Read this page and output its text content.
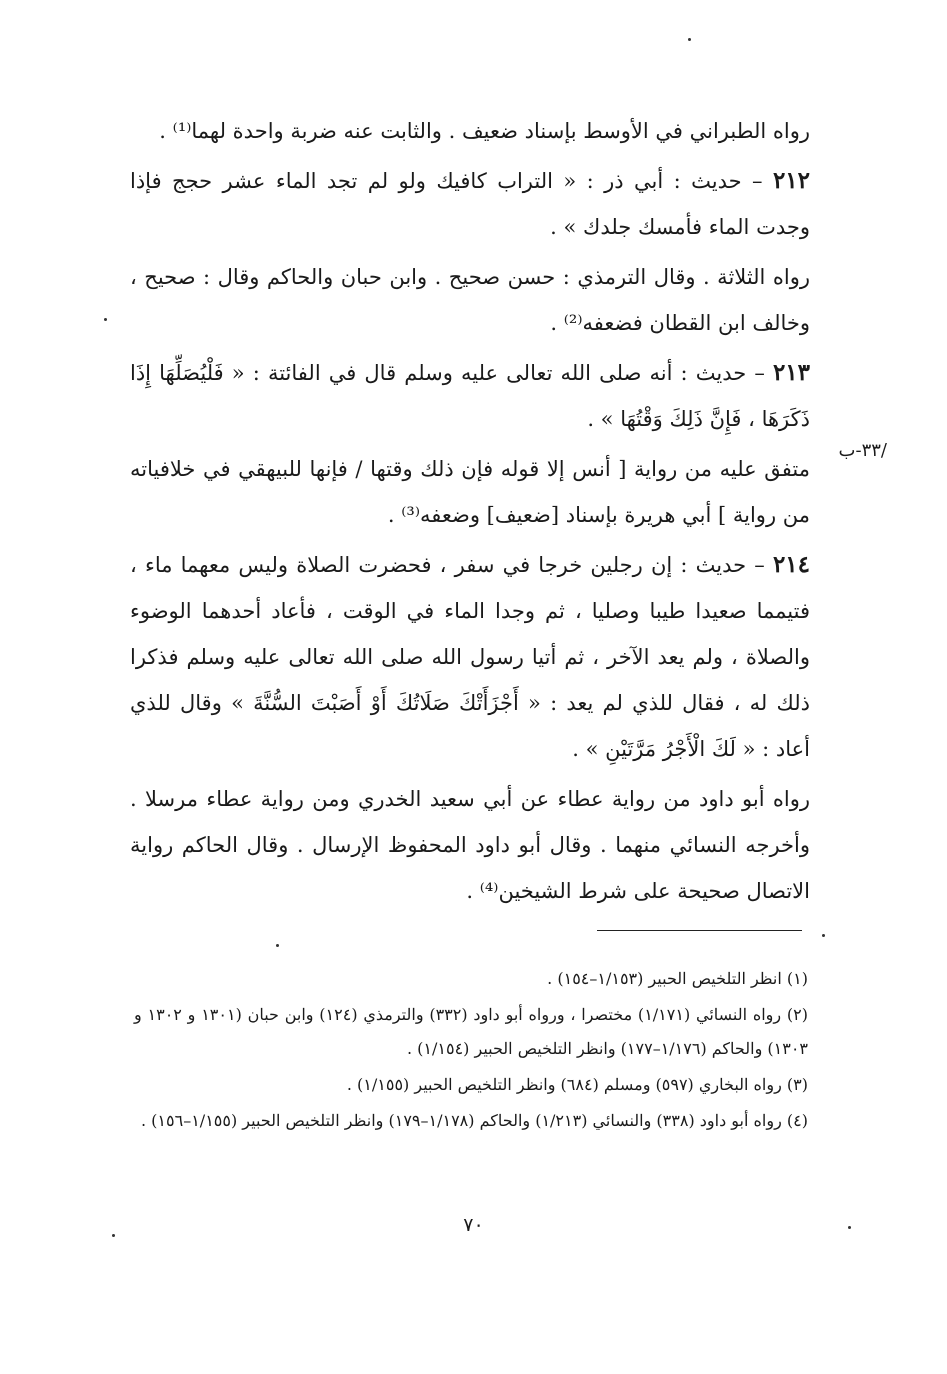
رواه الطبراني في الأوسط بإسناد ضعيف . والثابت عنه ضربة واحدة لهما⁽¹⁾ .

٢١٢ – حديث : أبي ذر : « التراب كافيك ولو لم تجد الماء عشر حجج فإذا وجدت الماء فأمسك جلدك » .

رواه الثلاثة . وقال الترمذي : حسن صحيح . وابن حبان والحاكم وقال : صحيح ، وخالف ابن القطان فضعفه⁽²⁾ .

٢١٣ – حديث : أنه صلى الله تعالى عليه وسلم قال في الفائتة : « فَلْيُصَلِّهَا إِذَا ذَكَرَهَا ، فَإِنَّ ذَلِكَ وَقْتُهَا » .

متفق عليه من رواية [ أنس إلا قوله فإن ذلك وقتها / فإنها للبيهقي في خلافياته من رواية ] أبي هريرة بإسناد [ضعيف] وضعفه⁽³⁾ .

٢١٤ – حديث : إن رجلين خرجا في سفر ، فحضرت الصلاة وليس معهما ماء ، فتيمما صعيدا طيبا وصليا ، ثم وجدا الماء في الوقت ، فأعاد أحدهما الوضوء والصلاة ، ولم يعد الآخر ، ثم أتيا رسول الله صلى الله تعالى عليه وسلم فذكرا ذلك له ، فقال للذي لم يعد : « أَجْزَأَتْكَ صَلَاتُكَ أَوْ أَصَبْتَ السُّنَّةَ » وقال للذي أعاد : « لَكَ الْأَجْرُ مَرَّتَيْنِ » .

رواه أبو داود من رواية عطاء عن أبي سعيد الخدري ومن رواية عطاء مرسلا . وأخرجه النسائي منهما . وقال أبو داود المحفوظ الإرسال . وقال الحاكم رواية الاتصال صحيحة على شرط الشيخين⁽⁴⁾ .

/٣٣-ب

(١) انظر التلخيص الحبير (١/١٥٣–١٥٤) .

(٢) رواه النسائي (١/١٧١) مختصرا ، ورواه أبو داود (٣٣٢) والترمذي (١٢٤) وابن حبان (١٣٠١ و ١٣٠٢ و ١٣٠٣) والحاكم (١/١٧٦–١٧٧) وانظر التلخيص الحبير (١/١٥٤) .

(٣) رواه البخاري (٥٩٧) ومسلم (٦٨٤) وانظر التلخيص الحبير (١/١٥٥) .

(٤) رواه أبو داود (٣٣٨) والنسائي (١/٢١٣) والحاكم (١/١٧٨–١٧٩) وانظر التلخيص الحبير (١/١٥٥–١٥٦) .

٧٠
